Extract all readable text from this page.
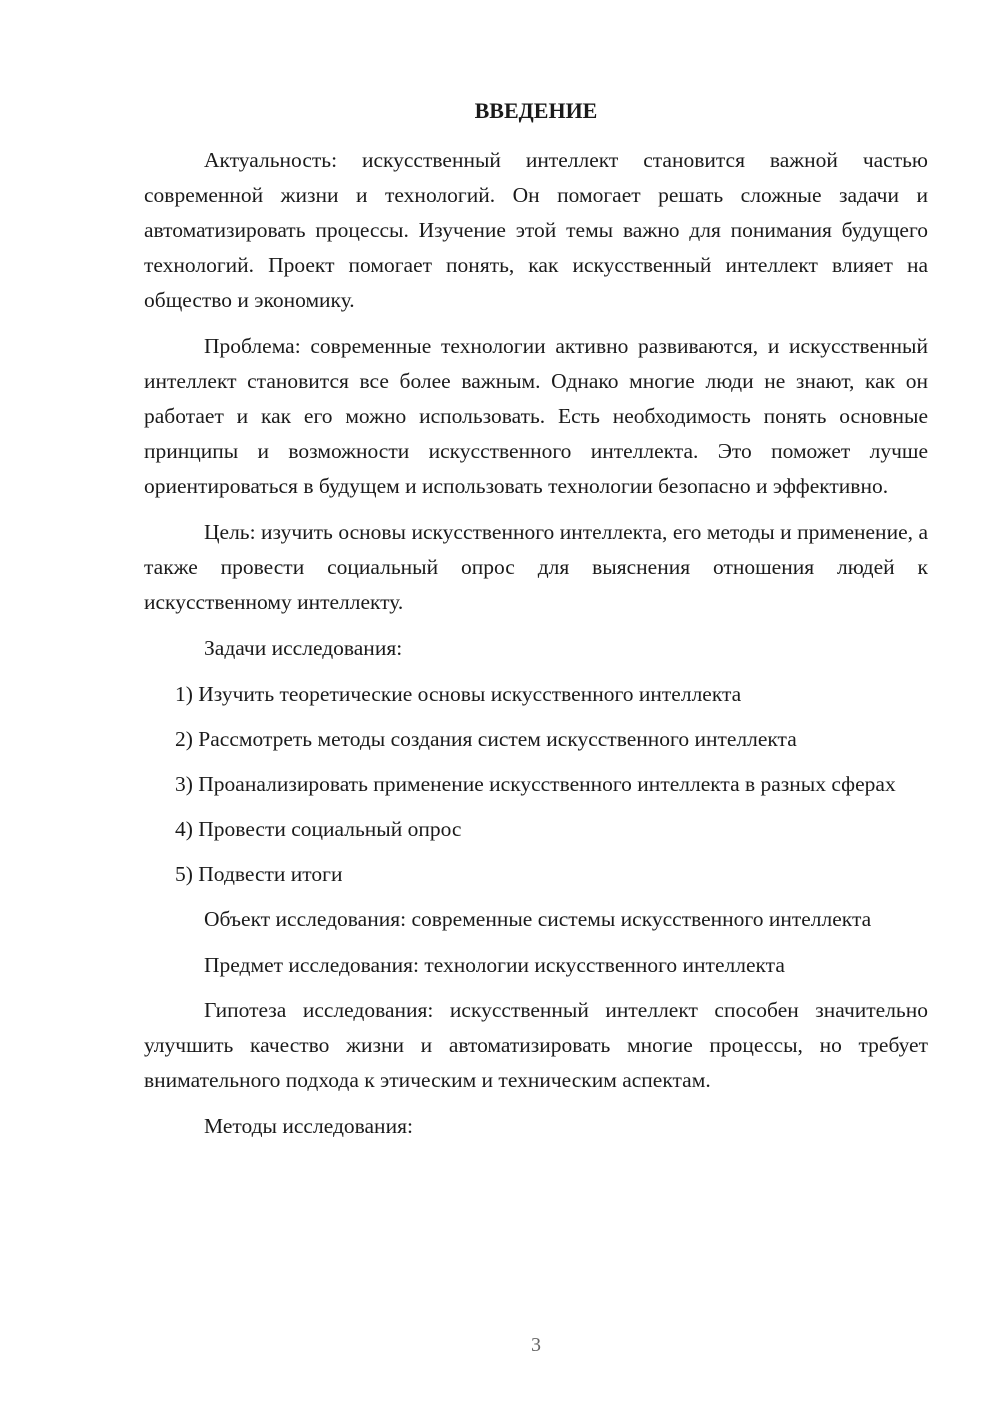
ВВЕДЕНИЕ

Актуальность: искусственный интеллект становится важной частью современной жизни и технологий. Он помогает решать сложные задачи и автоматизировать процессы. Изучение этой темы важно для понимания будущего технологий. Проект помогает понять, как искусственный интеллект влияет на общество и экономику.

Проблема: современные технологии активно развиваются, и искусственный интеллект становится все более важным. Однако многие люди не знают, как он работает и как его можно использовать. Есть необходимость понять основные принципы и возможности искусственного интеллекта. Это поможет лучше ориентироваться в будущем и использовать технологии безопасно и эффективно.

Цель: изучить основы искусственного интеллекта, его методы и применение, а также провести социальный опрос для выяснения отношения людей к искусственному интеллекту.

Задачи исследования:

1) Изучить теоретические основы искусственного интеллекта

2) Рассмотреть методы создания систем искусственного интеллекта

3) Проанализировать применение искусственного интеллекта в разных сферах

4) Провести социальный опрос

5) Подвести итоги

Объект исследования: современные системы искусственного интеллекта

Предмет исследования: технологии искусственного интеллекта

Гипотеза исследования: искусственный интеллект способен значительно улучшить качество жизни и автоматизировать многие процессы, но требует внимательного подхода к этическим и техническим аспектам.

Методы исследования:

3
